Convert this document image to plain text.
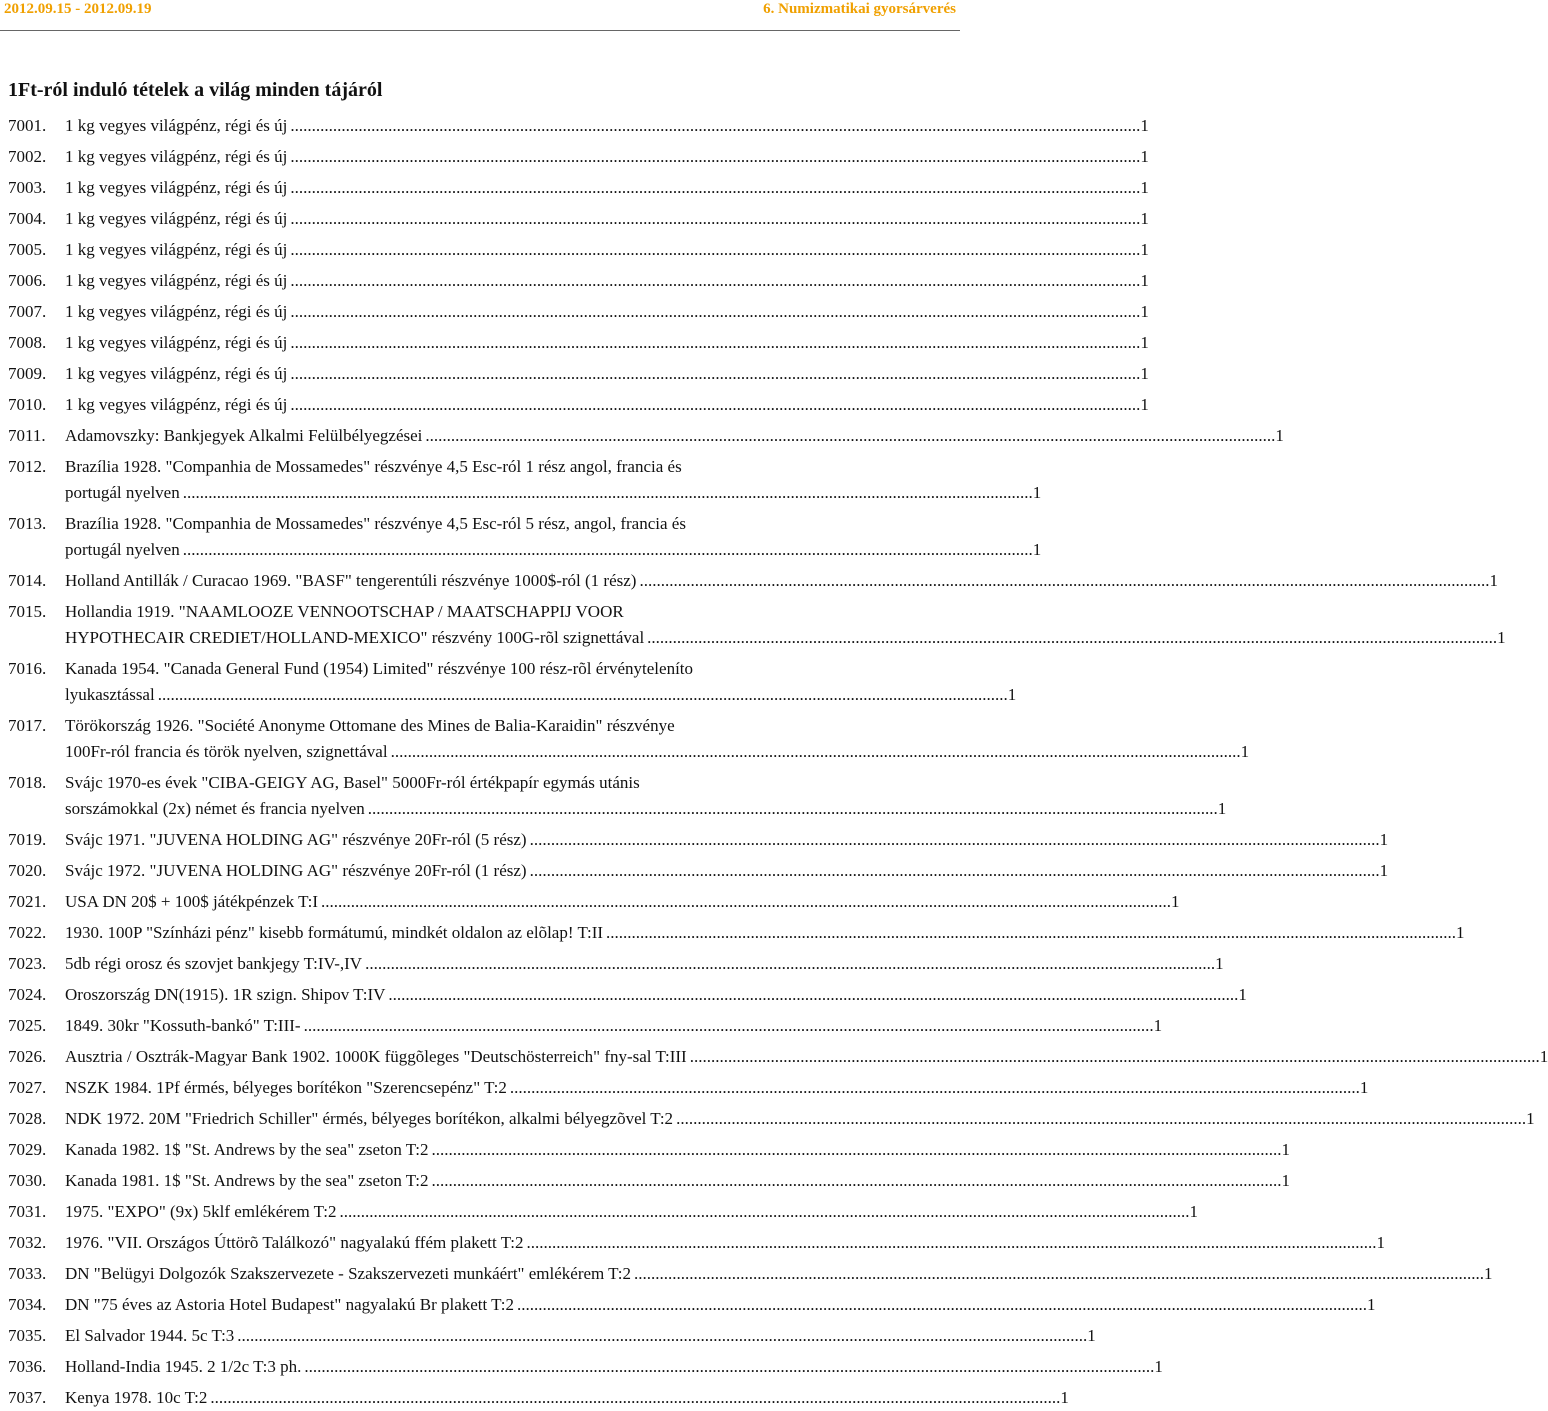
2012.09.15 - 2012.09.19	6. Numizmatikai gyorsárverés
1Ft-ról induló tételek a világ minden tájáról
7001. 1 kg vegyes világpénz, régi és új ........................................................................................................................................................................................................ 1
7002. 1 kg vegyes világpénz, régi és új ........................................................................................................................................................................................................ 1
7003. 1 kg vegyes világpénz, régi és új ........................................................................................................................................................................................................ 1
7004. 1 kg vegyes világpénz, régi és új ........................................................................................................................................................................................................ 1
7005. 1 kg vegyes világpénz, régi és új ........................................................................................................................................................................................................ 1
7006. 1 kg vegyes világpénz, régi és új ........................................................................................................................................................................................................ 1
7007. 1 kg vegyes világpénz, régi és új ........................................................................................................................................................................................................ 1
7008. 1 kg vegyes világpénz, régi és új ........................................................................................................................................................................................................ 1
7009. 1 kg vegyes világpénz, régi és új ........................................................................................................................................................................................................ 1
7010. 1 kg vegyes világpénz, régi és új ........................................................................................................................................................................................................ 1
7011. Adamovszky: Bankjegyek Alkalmi Felülbélyegzései ........................................................................................................................................................................................................ 1
7012. Brazília 1928. "Companhia de Mossamedes" részvénye 4,5 Esc-ról 1 rész angol, francia és
portugál nyelven ........................................................................................................................................................................................................ 1
7013. Brazília 1928. "Companhia de Mossamedes" részvénye 4,5 Esc-ról 5 rész, angol, francia és
portugál nyelven ........................................................................................................................................................................................................ 1
7014. Holland Antillák / Curacao 1969. "BASF" tengerentúli részvénye 1000$-ról (1 rész) ........................................................................................................................................................................................................ 1
7015. Hollandia 1919. "NAAMLOOZE VENNOOTSCHAP / MAATSCHAPPIJ VOOR
HYPOTHECAIR CREDIET/HOLLAND-MEXICO" részvény 100G-rõl szignettával ........................................................................................................................................................................................................ 1
7016. Kanada 1954. "Canada General Fund (1954) Limited" részvénye 100 rész-rõl érvényteleníto
lyukasztással ........................................................................................................................................................................................................ 1
7017. Törökország 1926. "Société Anonyme Ottomane des Mines de Balia-Karaidin" részvénye
100Fr-ról francia és török nyelven, szignettával ........................................................................................................................................................................................................ 1
7018. Svájc 1970-es évek "CIBA-GEIGY AG, Basel" 5000Fr-ról értékpapír egymás utánis
sorszámokkal (2x) német és francia nyelven ........................................................................................................................................................................................................ 1
7019. Svájc 1971. "JUVENA HOLDING AG" részvénye 20Fr-ról (5 rész) ........................................................................................................................................................................................................ 1
7020. Svájc 1972. "JUVENA HOLDING AG" részvénye 20Fr-ról (1 rész) ........................................................................................................................................................................................................ 1
7021. USA DN 20$ + 100$ játékpénzek T:I ........................................................................................................................................................................................................ 1
7022. 1930. 100P "Színházi pénz" kisebb formátumú, mindkét oldalon az elõlap! T:II ........................................................................................................................................................................................................ 1
7023. 5db régi orosz és szovjet bankjegy T:IV-,IV ........................................................................................................................................................................................................ 1
7024. Oroszország DN(1915). 1R szign. Shipov T:IV ........................................................................................................................................................................................................ 1
7025. 1849. 30kr "Kossuth-bankó" T:III- ........................................................................................................................................................................................................ 1
7026. Ausztria / Osztrák-Magyar Bank 1902. 1000K függõleges "Deutschösterreich" fny-sal T:III ........................................................................................................................................................................................................ 1
7027. NSZK 1984. 1Pf érmés, bélyeges borítékon "Szerencsepénz" T:2 ........................................................................................................................................................................................................ 1
7028. NDK 1972. 20M "Friedrich Schiller" érmés, bélyeges borítékon, alkalmi bélyegzõvel T:2 ........................................................................................................................................................................................................ 1
7029. Kanada 1982. 1$ "St. Andrews by the sea" zseton T:2 ........................................................................................................................................................................................................ 1
7030. Kanada 1981. 1$ "St. Andrews by the sea" zseton T:2 ........................................................................................................................................................................................................ 1
7031. 1975. "EXPO" (9x) 5klf emlékérem T:2 ........................................................................................................................................................................................................ 1
7032. 1976. "VII. Országos Úttörõ Találkozó" nagyalakú ffém plakett T:2 ........................................................................................................................................................................................................ 1
7033. DN "Belügyi Dolgozók Szakszervezete - Szakszervezeti munkáért" emlékérem T:2 ........................................................................................................................................................................................................ 1
7034. DN "75 éves az Astoria Hotel Budapest" nagyalakú Br plakett T:2 ........................................................................................................................................................................................................ 1
7035. El Salvador 1944. 5c T:3 ........................................................................................................................................................................................................ 1
7036. Holland-India 1945. 2 1/2c T:3 ph. ........................................................................................................................................................................................................ 1
7037. Kenya 1978. 10c T:2 ........................................................................................................................................................................................................ 1
